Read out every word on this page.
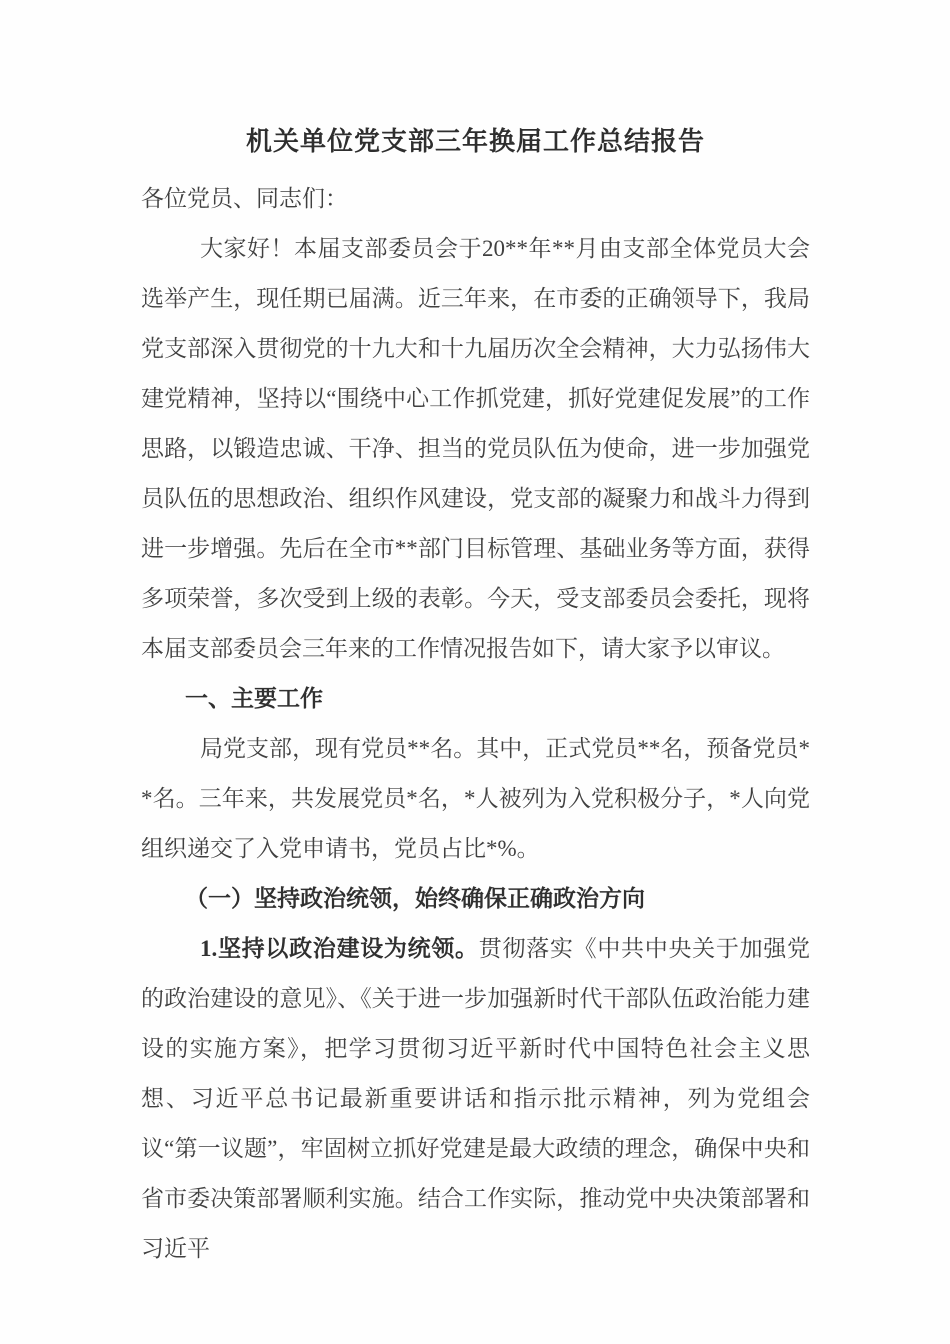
机关单位党支部三年换届工作总结报告

各位党员、同志们：

大家好！本届支部委员会于20**年**月由支部全体党员大会选举产生，现任期已届满。近三年来，在市委的正确领导下，我局党支部深入贯彻党的十九大和十九届历次全会精神，大力弘扬伟大建党精神，坚持以“围绕中心工作抓党建，抓好党建促发展”的工作思路，以锻造忠诚、干净、担当的党员队伍为使命，进一步加强党员队伍的思想政治、组织作风建设，党支部的凝聚力和战斗力得到进一步增强。先后在全市**部门目标管理、基础业务等方面，获得多项荣誉，多次受到上级的表彰。今天，受支部委员会委托，现将本届支部委员会三年来的工作情况报告如下，请大家予以审议。

一、主要工作

局党支部，现有党员**名。其中，正式党员**名，预备党员**名。三年来，共发展党员*名，*人被列为入党积极分子，*人向党组织递交了入党申请书，党员占比*%。

（一）坚持政治统领，始终确保正确政治方向

1.坚持以政治建设为统领。贯彻落实《中共中央关于加强党的政治建设的意见》、《关于进一步加强新时代干部队伍政治能力建设的实施方案》，把学习贯彻习近平新时代中国特色社会主义思想、习近平总书记最新重要讲话和指示批示精神，列为党组会议“第一议题”，牢固树立抓好党建是最大政绩的理念，确保中央和省市委决策部署顺利实施。结合工作实际，推动党中央决策部署和习近平
